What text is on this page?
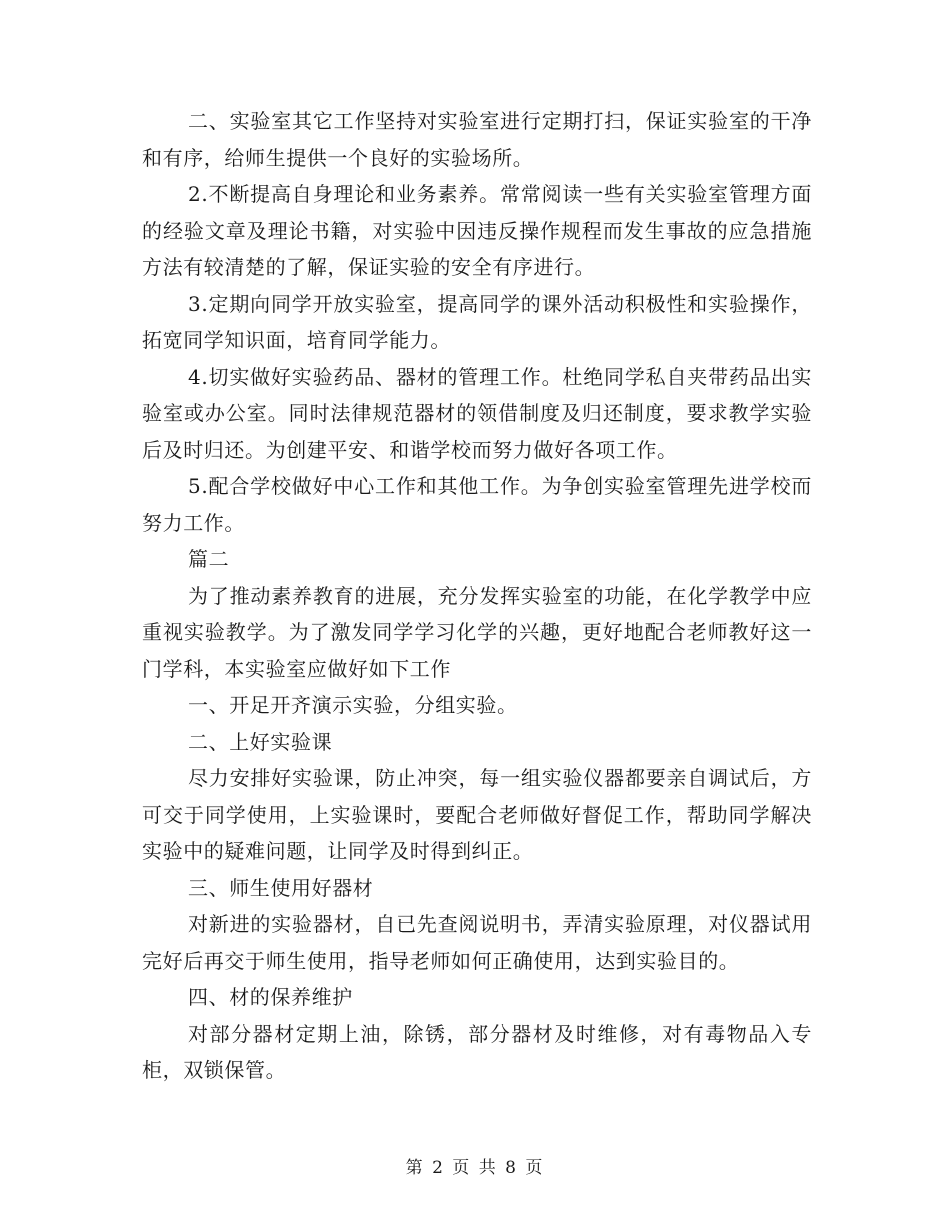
二、实验室其它工作坚持对实验室进行定期打扫，保证实验室的干净和有序，给师生提供一个良好的实验场所。

2.不断提高自身理论和业务素养。常常阅读一些有关实验室管理方面的经验文章及理论书籍，对实验中因违反操作规程而发生事故的应急措施方法有较清楚的了解，保证实验的安全有序进行。

3.定期向同学开放实验室，提高同学的课外活动积极性和实验操作，拓宽同学知识面，培育同学能力。

4.切实做好实验药品、器材的管理工作。杜绝同学私自夹带药品出实验室或办公室。同时法律规范器材的领借制度及归还制度，要求教学实验后及时归还。为创建平安、和谐学校而努力做好各项工作。

5.配合学校做好中心工作和其他工作。为争创实验室管理先进学校而努力工作。

篇二

为了推动素养教育的进展，充分发挥实验室的功能，在化学教学中应重视实验教学。为了激发同学学习化学的兴趣，更好地配合老师教好这一门学科，本实验室应做好如下工作

一、开足开齐演示实验，分组实验。

二、上好实验课

尽力安排好实验课，防止冲突，每一组实验仪器都要亲自调试后，方可交于同学使用，上实验课时，要配合老师做好督促工作，帮助同学解决实验中的疑难问题，让同学及时得到纠正。

三、师生使用好器材

对新进的实验器材，自已先查阅说明书，弄清实验原理，对仪器试用完好后再交于师生使用，指导老师如何正确使用，达到实验目的。

四、材的保养维护

对部分器材定期上油，除锈，部分器材及时维修，对有毒物品入专柜，双锁保管。

第 2 页 共 8 页
